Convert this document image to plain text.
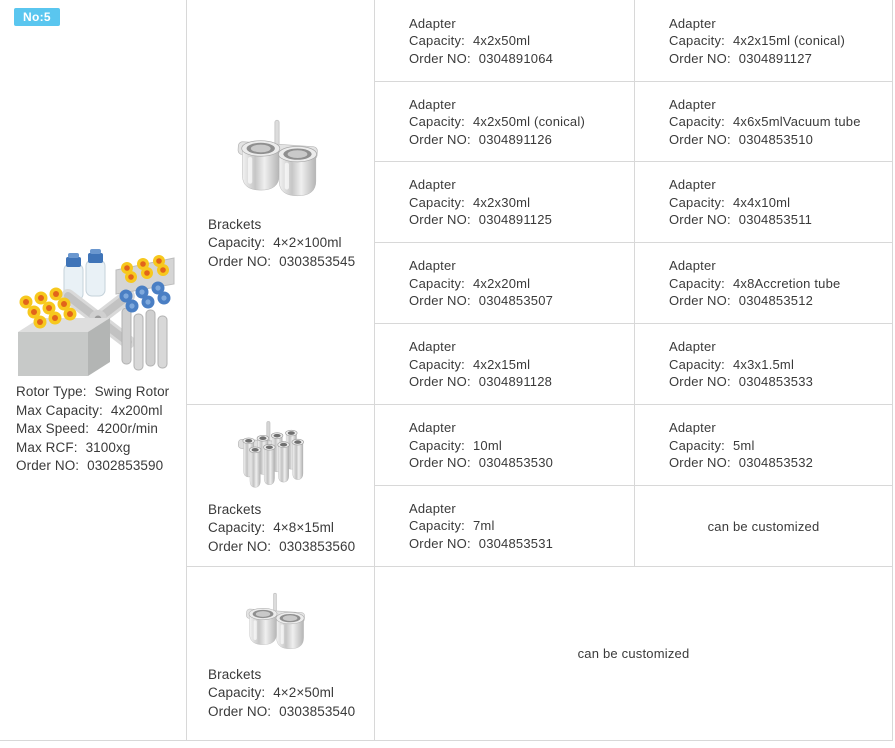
No:5
Rotor Type: Swing Rotor
Max Capacity: 4x200ml
Max Speed: 4200r/min
Max RCF: 3100xg
Order NO: 0302853590
Brackets
Capacity: 4×2×100ml
Order NO: 0303853545
Brackets
Capacity: 4×8×15ml
Order NO: 0303853560
Brackets
Capacity: 4×2×50ml
Order NO: 0303853540
Adapter
Capacity: 4x2x50ml
Order NO: 0304891064
Adapter
Capacity: 4x2x15ml (conical)
Order NO: 0304891127
Adapter
Capacity: 4x2x50ml (conical)
Order NO: 0304891126
Adapter
Capacity: 4x6x5mlVacuum tube
Order NO: 0304853510
Adapter
Capacity: 4x2x30ml
Order NO: 0304891125
Adapter
Capacity: 4x4x10ml
Order NO: 0304853511
Adapter
Capacity: 4x2x20ml
Order NO: 0304853507
Adapter
Capacity: 4x8Accretion tube
Order NO: 0304853512
Adapter
Capacity: 4x2x15ml
Order NO: 0304891128
Adapter
Capacity: 4x3x1.5ml
Order NO: 0304853533
Adapter
Capacity: 10ml
Order NO: 0304853530
Adapter
Capacity: 5ml
Order NO: 0304853532
Adapter
Capacity: 7ml
Order NO: 0304853531
can be customized
can be customized
